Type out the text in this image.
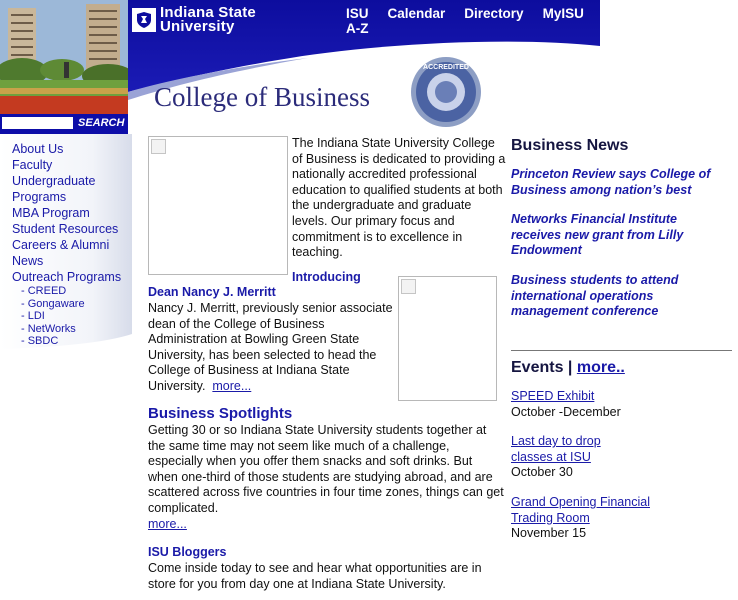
Indiana State
University
ISU A-Z
Calendar Directory MyISU
College of Business
ACCREDITED
SEARCH
About Us
Faculty
Undergraduate Programs
MBA Program
Student Resources
Careers & Alumni
News
Outreach Programs
- CREED
- Gongaware
- LDI
- NetWorks
- SBDC
The Indiana State University College of Business is dedicated to providing a nationally accredited professional education to qualified students at both the undergraduate and graduate levels. Our primary focus and commitment is to excellence in teaching.
Introducing
Dean Nancy J. Merritt
Nancy J. Merritt, previously senior associate dean of the College of Business Administration at Bowling Green State University, has been selected to head the College of Business at Indiana State University. more...
Business Spotlights
Getting 30 or so Indiana State University students together at the same time may not seem like much of a challenge, especially when you offer them snacks and soft drinks. But when one-third of those students are studying abroad, and are scattered across five countries in four time zones, things can get complicated.
more...
ISU Bloggers
Come inside today to see and hear what opportunities are in store for you from day one at Indiana State University.
Business News
Princeton Review says College of Business among nation’s best
Networks Financial Institute receives new grant from Lilly Endowment
Business students to attend international operations management conference
Events | more..
SPEED Exhibit
October -December
Last day to drop classes at ISU
October 30
Grand Opening Financial Trading Room
November 15
